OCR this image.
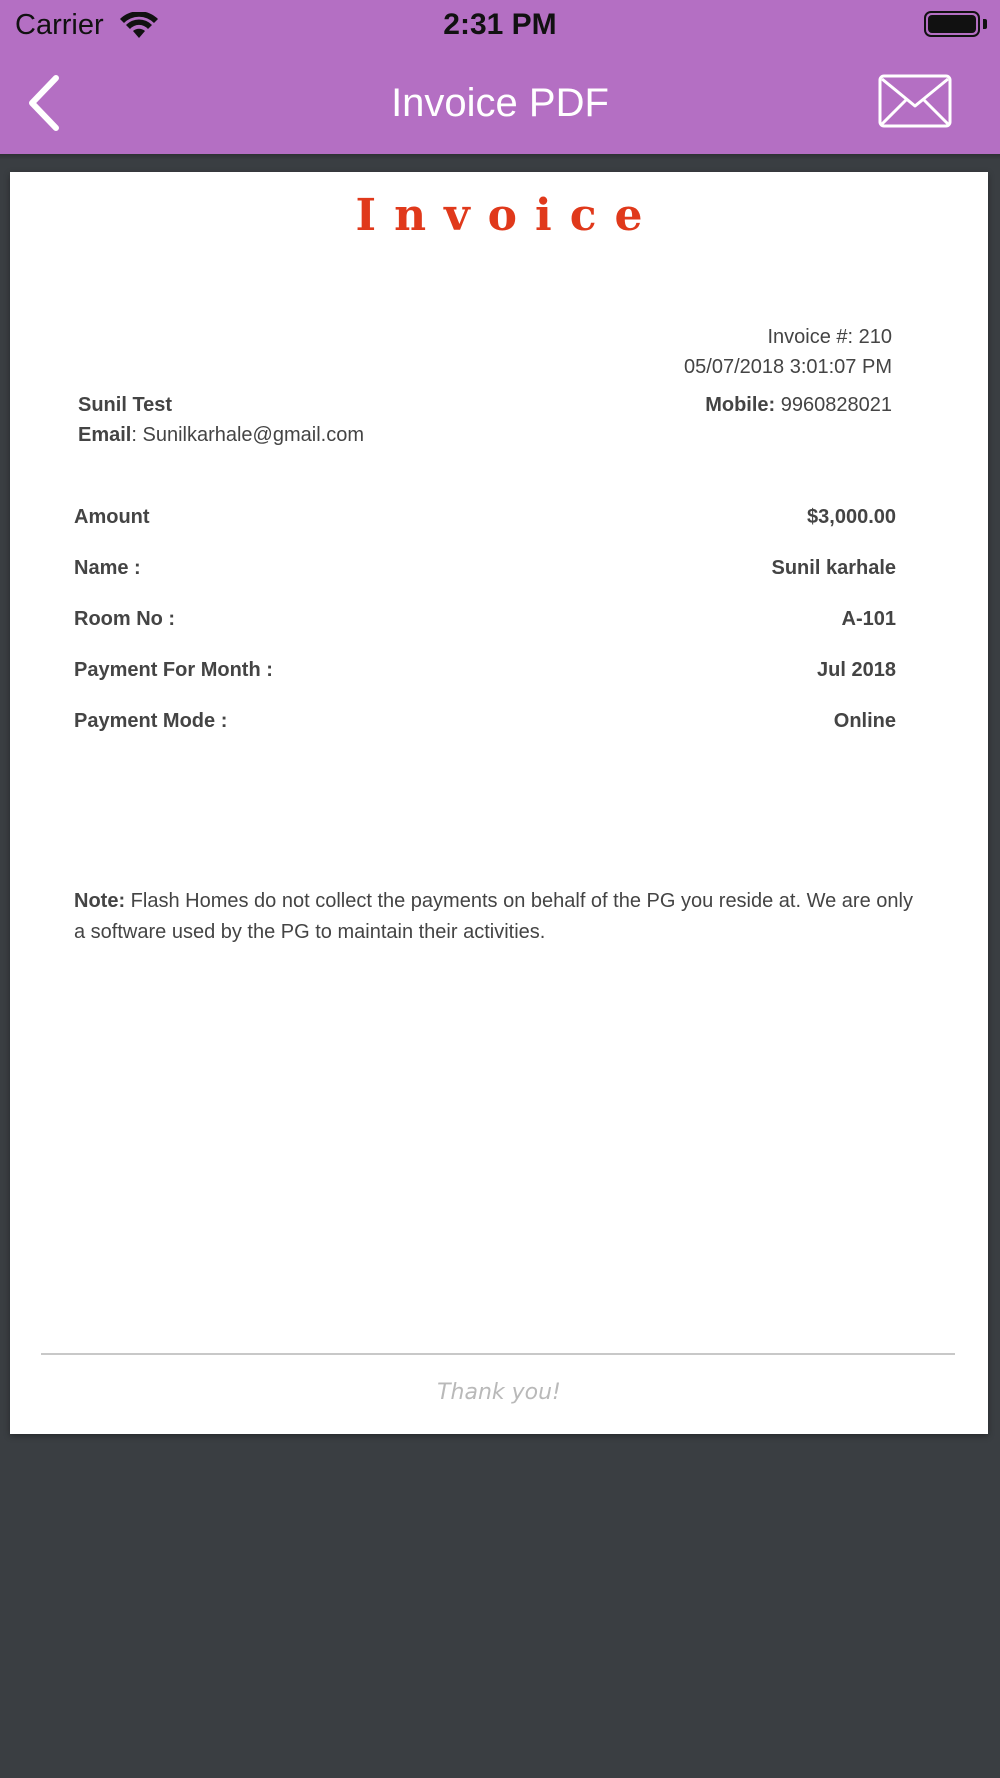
Carrier	2:31 PM
Invoice PDF
Invoice
Invoice #: 210
05/07/2018 3:01:07 PM
Sunil Test
Email: Sunilkarhale@gmail.com
Mobile: 9960828021
Amount	$3,000.00
Name :	Sunil karhale
Room No :	A-101
Payment For Month :	Jul 2018
Payment Mode :	Online
Note: Flash Homes do not collect the payments on behalf of the PG you reside at. We are only a software used by the PG to maintain their activities.
Thank you!
